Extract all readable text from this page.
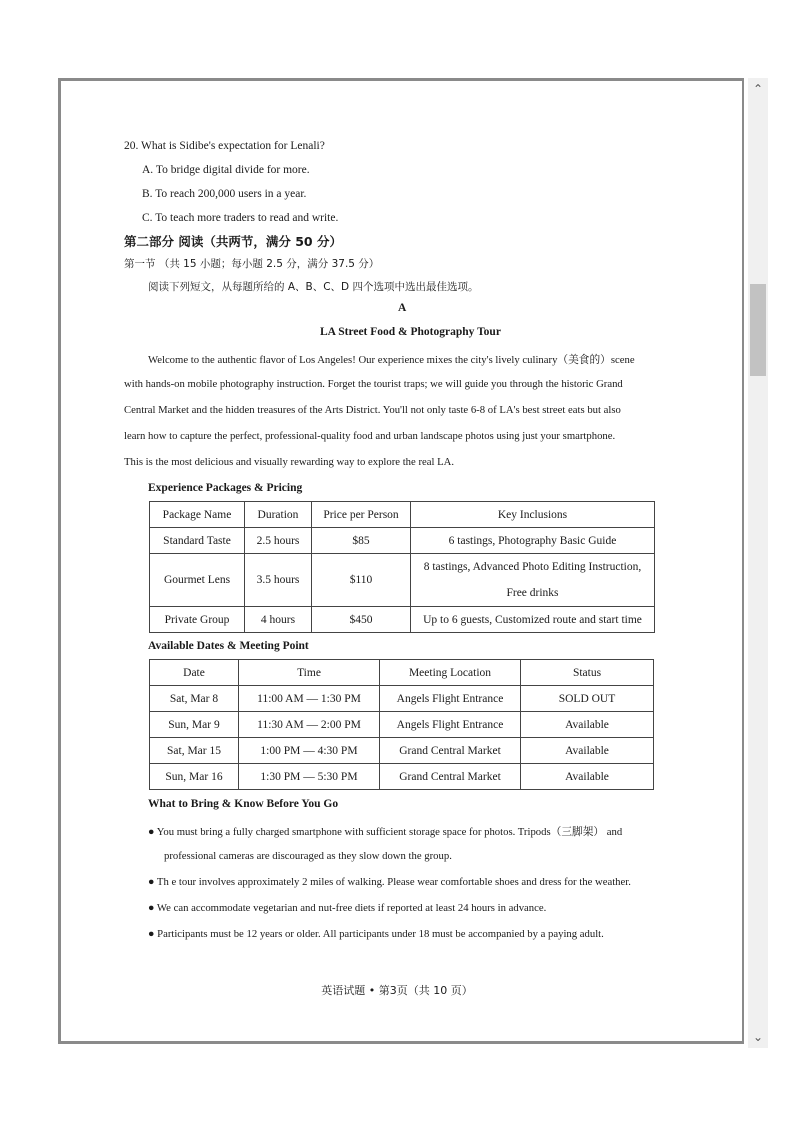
⌃
⌄
20. What is Sidibe's expectation for Lenali?
A. To bridge digital divide for more.
B. To reach 200,000 users in a year.
C. To teach more traders to read and write.
第二部分 阅读（共两节，满分 50 分）
第一节 （共 15 小题；每小题 2.5 分，满分 37.5 分）
阅读下列短文，从每题所给的 A、B、C、D 四个选项中选出最佳选项。
A
LA Street Food & Photography Tour
Welcome to the authentic flavor of Los Angeles! Our experience mixes the city's lively culinary（美食的）scene
with hands-on mobile photography instruction. Forget the tourist traps; we will guide you through the historic Grand
Central Market and the hidden treasures of the Arts District. You'll not only taste 6-8 of LA's best street eats but also
learn how to capture the perfect, professional-quality food and urban landscape photos using just your smartphone.
This is the most delicious and visually rewarding way to explore the real LA.
Experience Packages & Pricing
Package Name	Duration	Price per Person	Key Inclusions
Standard Taste	2.5 hours	$85	6 tastings, Photography Basic Guide
Gourmet Lens	3.5 hours	$110	8 tastings, Advanced Photo Editing Instruction,
Free drinks

Private Group	4 hours	$450	Up to 6 guests, Customized route and start time
Available Dates & Meeting Point
Date	Time	Meeting Location	Status
Sat, Mar 8	11:00 AM — 1:30 PM	Angels Flight Entrance	SOLD OUT
Sun, Mar 9	11:30 AM — 2:00 PM	Angels Flight Entrance	Available
Sat, Mar 15	1:00 PM — 4:30 PM	Grand Central Market	Available
Sun, Mar 16	1:30 PM — 5:30 PM	Grand Central Market	Available
What to Bring & Know Before You Go
● You must bring a fully charged smartphone with sufficient storage space for photos. Tripods（三脚架） and
professional cameras are discouraged as they slow down the group.
● Th e tour involves approximately 2 miles of walking. Please wear comfortable shoes and dress for the weather.
● We can accommodate vegetarian and nut-free diets if reported at least 24 hours in advance.
● Participants must be 12 years or older. All participants under 18 must be accompanied by a paying adult.
英语试题 • 第3页（共 10 页）
